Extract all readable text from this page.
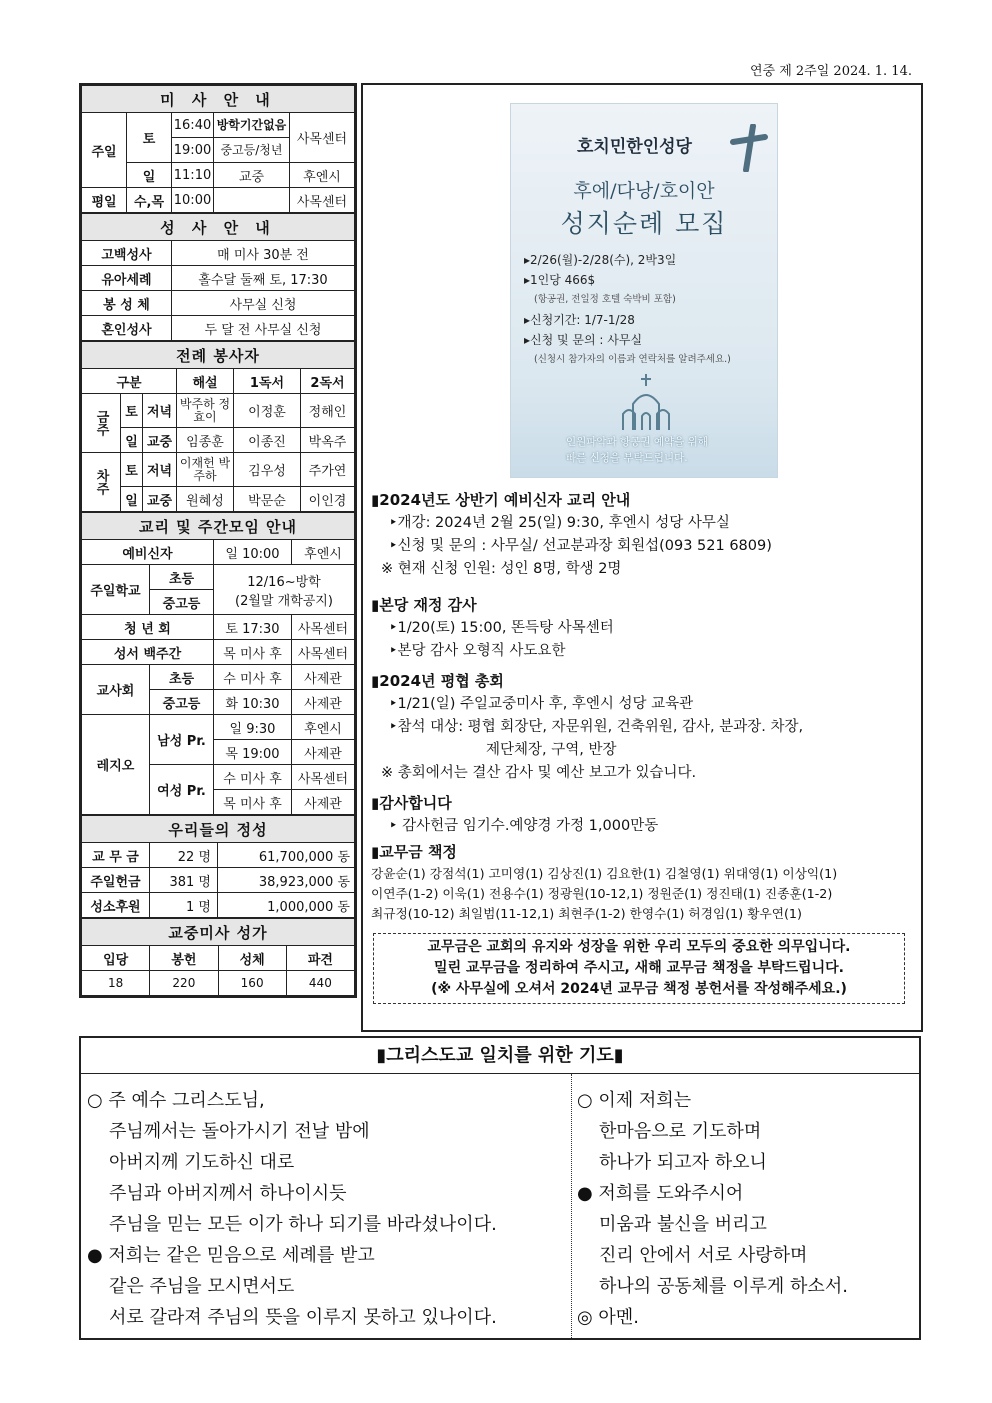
연중 제 2주일 2024. 1. 14.
미 사 안 내				
주일	토	16:40	방학기간없음	사목센터
		19:00	중고등/청년	
	일	11:10	교중	후엔시
평일	수,목	10:00		사목센터
성 사 안 내	
고백성사	매 미사 30분 전
유아세례	홀수달 둘째 토, 17:30
봉 성 체	사무실 신청
혼인성사	두 달 전 사무실 신청
전례 봉사자					
구분			해설	1독서	2독서
금주	토	저녁	박주하 정효이	이정훈	정해인
	일	교중	임종훈	이종진	박옥주
차주	토	저녁	이재헌 박주하	김우성	주가연
	일	교중	원혜성	박문순	이인경
교리 및 주간모임 안내			
예비신자		일 10:00	후엔시
주일학교	초등	12/16~방학
(2월말 개학공지)	

	중고등		
청 년 회		토 17:30	사목센터
성서 백주간		목 미사 후	사목센터
교사회	초등	수 미사 후	사제관
	중고등	화 10:30	사제관
레지오	남성 Pr.	일 9:30	후엔시
		목 19:00	사제관
	여성 Pr.	수 미사 후	사목센터
		목 미사 후	사제관
우리들의 정성		
교 무 금	22 명	61,700,000 동
주일헌금	381 명	38,923,000 동
성소후원	1 명	1,000,000 동
교중미사 성가			
입당	봉헌	성체	파견
18	220	160	440
호치민한인성당
후에/다낭/호이안
성지순례 모집
▸2/26(월)-2/28(수), 2박3일
▸1인당 466$
(항공권, 전일정 호텔 숙박비 포함)
▸신청기간: 1/7-1/28
▸신청 및 문의 : 사무실
(신청시 참가자의 이름과 연락처를 알려주세요.)
인원파악과 항공권 예약을 위해
빠른 신청을 부탁드립니다.
▮2024년도 상반기 예비신자 교리 안내
‣개강: 2024년 2월 25(일) 9:30, 후엔시 성당 사무실
‣신청 및 문의 : 사무실/ 선교분과장 회원섭(093 521 6809)
※ 현재 신청 인원: 성인 8명, 학생 2명
▮본당 재정 감사
‣1/20(토) 15:00, 똔득탕 사목센터
‣본당 감사 오형직 사도요한
▮2024년 평협 총회
‣1/21(일) 주일교중미사 후, 후엔시 성당 교육관
‣참석 대상: 평협 회장단, 자문위원, 건축위원, 감사, 분과장. 차장,
제단체장, 구역, 반장
※ 총회에서는 결산 감사 및 예산 보고가 있습니다.
▮감사합니다
‣ 감사헌금 임기수.예양경 가정 1,000만동
▮교무금 책정
강윤순(1) 강점석(1) 고미영(1) 김상진(1) 김요한(1) 김철영(1) 위대영(1) 이상익(1)
이연주(1-2) 이욱(1) 전용수(1) 정광원(10-12,1) 정원준(1) 정진태(1) 진종훈(1-2)
최규정(10-12) 최일범(11-12,1) 최현주(1-2) 한영수(1) 허경임(1) 황우연(1)
교무금은 교회의 유지와 성장을 위한 우리 모두의 중요한 의무입니다.
밀린 교무금을 정리하여 주시고, 새해 교무금 책정을 부탁드립니다.
(※ 사무실에 오셔서 2024년 교무금 책정 봉헌서를 작성해주세요.)
▮그리스도교 일치를 위한 기도▮
○ 주 예수 그리스도님,
주님께서는 돌아가시기 전날 밤에
아버지께 기도하신 대로
주님과 아버지께서 하나이시듯
주님을 믿는 모든 이가 하나 되기를 바라셨나이다.
● 저희는 같은 믿음으로 세례를 받고
같은 주님을 모시면서도
서로 갈라져 주님의 뜻을 이루지 못하고 있나이다.
○ 이제 저희는
한마음으로 기도하며
하나가 되고자 하오니
● 저희를 도와주시어
미움과 불신을 버리고
진리 안에서 서로 사랑하며
하나의 공동체를 이루게 하소서.
◎ 아멘.
